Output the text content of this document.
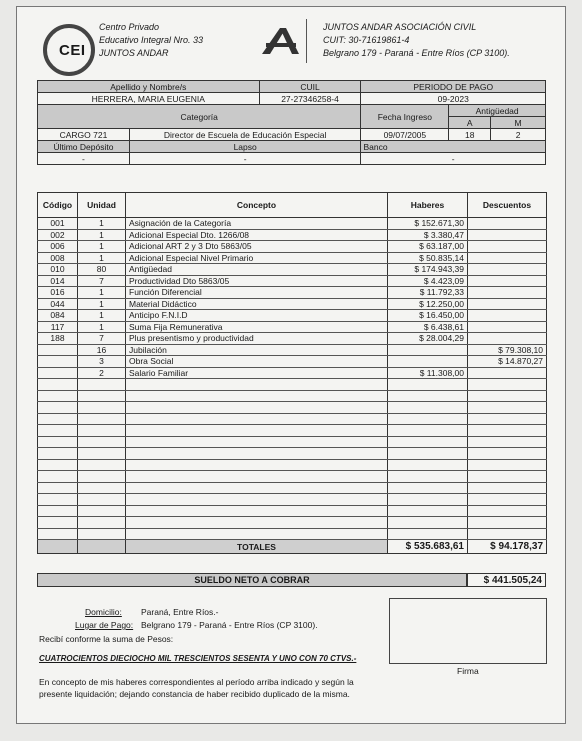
CEI
Centro Privado
Educativo Integral Nro. 33
JUNTOS ANDAR
JUNTOS ANDAR ASOCIACIÓN CIVIL
CUIT: 30-71619861-4
Belgrano 179 - Paraná - Entre Ríos (CP 3100).
Apellido y Nombre/s		CUIL	PERIODO DE PAGO		
HERRERA, MARIA EUGENIA		27-27346258-4	09-2023		
Categoría			Fecha Ingreso	Antigüedad	
				A	M
CARGO 721	Director de Escuela de Educación Especial		09/07/2005	18	2
Último Depósito	Lapso		Banco		
-	-		-		
Código	Unidad	Concepto	Haberes	Descuentos
001	1	Asignación de la Categoría	$ 152.671,30	
002	1	Adicional Especial Dto. 1266/08	$ 3.380,47	
006	1	Adicional ART 2 y 3 Dto 5863/05	$ 63.187,00	
008	1	Adicional Especial Nivel Primario	$ 50.835,14	
010	80	Antigüedad	$ 174.943,39	
014	7	Productividad Dto 5863/05	$ 4.423,09	
016	1	Función Diferencial	$ 11.792,33	
044	1	Material Didáctico	$ 12.250,00	
084	1	Anticipo F.N.I.D	$ 16.450,00	
117	1	Suma Fija Remunerativa	$ 6.438,61	
188	7	Plus presentismo y productividad	$ 28.004,29	
	16	Jubilación		$ 79.308,10
	3	Obra Social		$ 14.870,27
	2	Salario Familiar	$ 11.308,00	

		TOTALES	$ 535.683,61	$ 94.178,37
SUELDO NETO A COBRAR	$ 441.505,24
Domicilio: Paraná, Entre Ríos.-
Lugar de Pago: Belgrano 179 - Paraná - Entre Ríos (CP 3100).
Recibí conforme la suma de Pesos:
CUATROCIENTOS DIECIOCHO MIL TRESCIENTOS SESENTA Y UNO CON 70 CTVS.-
Firma
En concepto de mis haberes correspondientes al período arriba indicado y según la
presente liquidación; dejando constancia de haber recibido duplicado de la misma.
